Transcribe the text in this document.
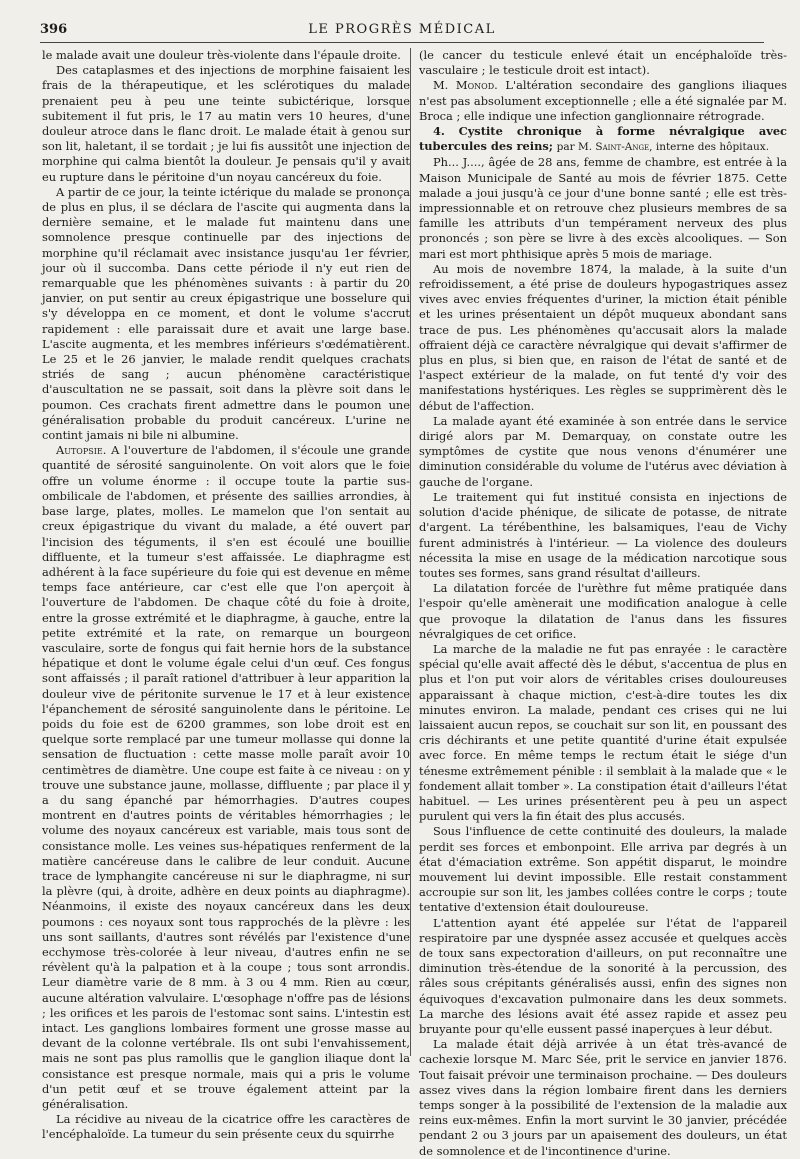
396	LE PROGRÈS MÉDICAL

le malade avait une douleur très-violente dans l'épaule droite.

Des cataplasmes et des injections de morphine faisaient les frais de la thérapeutique, et les sclérotiques du malade prenaient peu à peu une teinte subictérique, lorsque subitement il fut pris, le 17 au matin vers 10 heures, d'une douleur atroce dans le flanc droit. Le malade était à genou sur son lit, haletant, il se tordait ; je lui fis aussitôt une injection de morphine qui calma bientôt la douleur. Je pensais qu'il y avait eu rupture dans le péritoine d'un noyau cancéreux du foie.

A partir de ce jour, la teinte ictérique du malade se prononça de plus en plus, il se déclara de l'ascite qui augmenta dans la dernière semaine, et le malade fut maintenu dans une somnolence presque continuelle par des injections de morphine qu'il réclamait avec insistance jusqu'au 1er février, jour où il succomba. Dans cette période il n'y eut rien de remarquable que les phénomènes suivants : à partir du 20 janvier, on put sentir au creux épigastrique une bosselure qui s'y développa en ce moment, et dont le volume s'accrut rapidement : elle paraissait dure et avait une large base. L'ascite augmenta, et les membres inférieurs s'œdématièrent. Le 25 et le 26 janvier, le malade rendit quelques crachats striés de sang ; aucun phénomène caractéristique d'auscultation ne se passait, soit dans la plèvre soit dans le poumon. Ces crachats firent admettre dans le poumon une généralisation probable du produit cancéreux. L'urine ne contint jamais ni bile ni albumine.

Autopsie. A l'ouverture de l'abdomen, il s'écoule une grande quantité de sérosité sanguinolente. On voit alors que le foie offre un volume énorme : il occupe toute la partie sus-ombilicale de l'abdomen, et présente des saillies arrondies, à base large, plates, molles. Le mamelon que l'on sentait au creux épigastrique du vivant du malade, a été ouvert par l'incision des téguments, il s'en est écoulé une bouillie diffluente, et la tumeur s'est affaissée. Le diaphragme est adhérent à la face supérieure du foie qui est devenue en même temps face antérieure, car c'est elle que l'on aperçoit à l'ouverture de l'abdomen. De chaque côté du foie à droite, entre la grosse extrémité et le diaphragme, à gauche, entre la petite extrémité et la rate, on remarque un bourgeon vasculaire, sorte de fongus qui fait hernie hors de la substance hépatique et dont le volume égale celui d'un œuf. Ces fongus sont affaissés ; il paraît rationel d'attribuer à leur apparition la douleur vive de péritonite survenue le 17 et à leur existence l'épanchement de sérosité sanguinolente dans le péritoine. Le poids du foie est de 6200 grammes, son lobe droit est en quelque sorte remplacé par une tumeur mollasse qui donne la sensation de fluctuation : cette masse molle paraît avoir 10 centimètres de diamètre. Une coupe est faite à ce niveau : on y trouve une substance jaune, mollasse, diffluente ; par place il y a du sang épanché par hémorrhagies. D'autres coupes montrent en d'autres points de véritables hémorrhagies ; le volume des noyaux cancéreux est variable, mais tous sont de consistance molle. Les veines sus-hépatiques renferment de la matière cancéreuse dans le calibre de leur conduit. Aucune trace de lymphangite cancéreuse ni sur le diaphragme, ni sur la plèvre (qui, à droite, adhère en deux points au diaphragme). Néanmoins, il existe des noyaux cancéreux dans les deux poumons : ces noyaux sont tous rapprochés de la plèvre : les uns sont saillants, d'autres sont révélés par l'existence d'une ecchymose très-colorée à leur niveau, d'autres enfin ne se révèlent qu'à la palpation et à la coupe ; tous sont arrondis. Leur diamètre varie de 8 mm. à 3 ou 4 mm. Rien au cœur, aucune altération valvulaire. L'œsophage n'offre pas de lésions ; les orifices et les parois de l'estomac sont sains. L'intestin est intact. Les ganglions lombaires forment une grosse masse au devant de la colonne vertébrale. Ils ont subi l'envahissement, mais ne sont pas plus ramollis que le ganglion iliaque dont la consistance est presque normale, mais qui a pris le volume d'un petit œuf et se trouve également atteint par la généralisation.

La récidive au niveau de la cicatrice offre les caractères de l'encéphaloïde. La tumeur du sein présente ceux du squirrhe

(le cancer du testicule enlevé était un encéphaloïde très-vasculaire ; le testicule droit est intact).

M. Monod. L'altération secondaire des ganglions iliaques n'est pas absolument exceptionnelle ; elle a été signalée par M. Broca ; elle indique une infection ganglionnaire rétrograde.

4. Cystite chronique à forme névralgique avec tubercules des reins; par M. Saint-Ange, interne des hôpitaux.

Ph... J...., âgée de 28 ans, femme de chambre, est entrée à la Maison Municipale de Santé au mois de février 1875. Cette malade a joui jusqu'à ce jour d'une bonne santé ; elle est très-impressionnable et on retrouve chez plusieurs membres de sa famille les attributs d'un tempérament nerveux des plus prononcés ; son père se livre à des excès alcooliques. — Son mari est mort phthisique après 5 mois de mariage.

Au mois de novembre 1874, la malade, à la suite d'un refroidissement, a été prise de douleurs hypogastriques assez vives avec envies fréquentes d'uriner, la miction était pénible et les urines présentaient un dépôt muqueux abondant sans trace de pus. Les phénomènes qu'accusait alors la malade offraient déjà ce caractère névralgique qui devait s'affirmer de plus en plus, si bien que, en raison de l'état de santé et de l'aspect extérieur de la malade, on fut tenté d'y voir des manifestations hystériques. Les règles se supprimèrent dès le début de l'affection.

La malade ayant été examinée à son entrée dans le service dirigé alors par M. Demarquay, on constate outre les symptômes de cystite que nous venons d'énumérer une diminution considérable du volume de l'utérus avec déviation à gauche de l'organe.

Le traitement qui fut institué consista en injections de solution d'acide phénique, de silicate de potasse, de nitrate d'argent. La térébenthine, les balsamiques, l'eau de Vichy furent administrés à l'intérieur. — La violence des douleurs nécessita la mise en usage de la médication narcotique sous toutes ses formes, sans grand résultat d'ailleurs.

La dilatation forcée de l'urèthre fut même pratiquée dans l'espoir qu'elle amènerait une modification analogue à celle que provoque la dilatation de l'anus dans les fissures névralgiques de cet orifice.

La marche de la maladie ne fut pas enrayée : le caractère spécial qu'elle avait affecté dès le début, s'accentua de plus en plus et l'on put voir alors de véritables crises douloureuses apparaissant à chaque miction, c'est-à-dire toutes les dix minutes environ. La malade, pendant ces crises qui ne lui laissaient aucun repos, se couchait sur son lit, en poussant des cris déchirants et une petite quantité d'urine était expulsée avec force. En même temps le rectum était le siége d'un ténesme extrêmement pénible : il semblait à la malade que « le fondement allait tomber ». La constipation était d'ailleurs l'état habituel. — Les urines présentèrent peu à peu un aspect purulent qui vers la fin était des plus accusés.

Sous l'influence de cette continuité des douleurs, la malade perdit ses forces et embonpoint. Elle arriva par degrés à un état d'émaciation extrême. Son appétit disparut, le moindre mouvement lui devint impossible. Elle restait constamment accroupie sur son lit, les jambes collées contre le corps ; toute tentative d'extension était douloureuse.

L'attention ayant été appelée sur l'état de l'appareil respiratoire par une dyspnée assez accusée et quelques accès de toux sans expectoration d'ailleurs, on put reconnaître une diminution très-étendue de la sonorité à la percussion, des râles sous crépitants généralisés aussi, enfin des signes non équivoques d'excavation pulmonaire dans les deux sommets. La marche des lésions avait été assez rapide et assez peu bruyante pour qu'elle eussent passé inaperçues à leur début.

La malade était déjà arrivée à un état très-avancé de cachexie lorsque M. Marc Sée, prit le service en janvier 1876. Tout faisait prévoir une terminaison prochaine. — Des douleurs assez vives dans la région lombaire firent dans les derniers temps songer à la possibilité de l'extension de la maladie aux reins eux-mêmes. Enfin la mort survint le 30 janvier, précédée pendant 2 ou 3 jours par un apaisement des douleurs, un état de somnolence et de l'incontinence d'urine.
